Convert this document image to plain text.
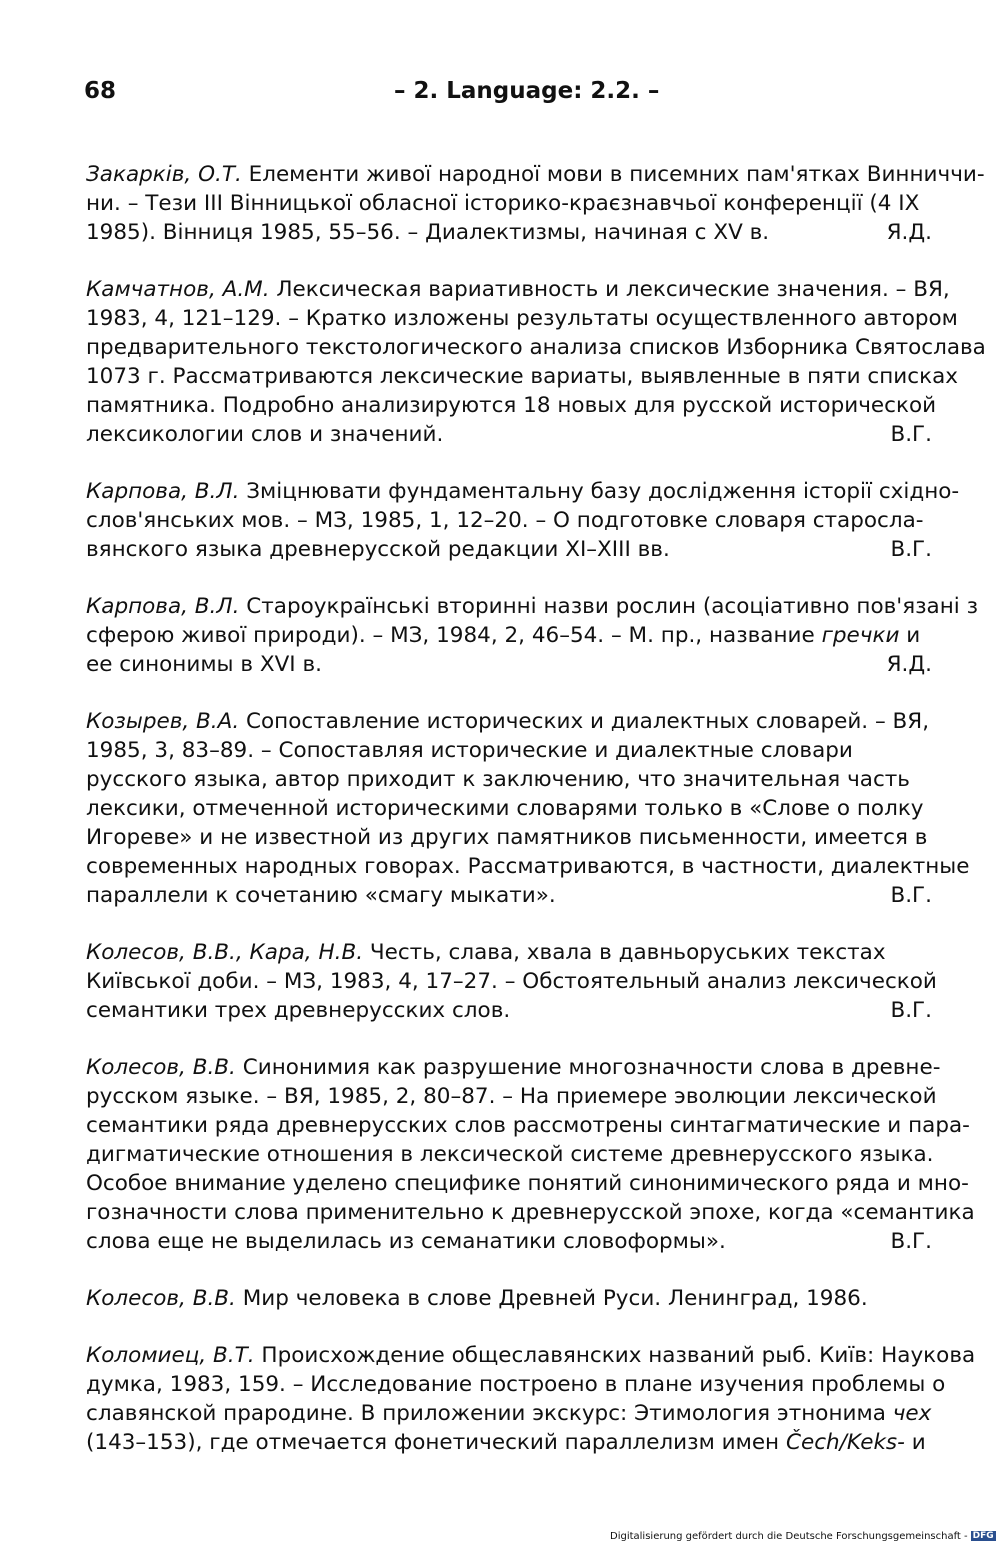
68	– 2. Language: 2.2. –
Закарків, О.Т. Елементи живої народної мови в писемних пам'ятках Винниччи-
ни. – Тези III Вінницької обласної історико-краєзнавчьої конференції (4 IX
1985). Вінниця 1985, 55–56. – Диалектизмы, начиная с XV в.	Я.Д.
Камчатнов, А.М. Лексическая вариативность и лексические значения. – ВЯ,
1983, 4, 121–129. – Кратко изложены результаты осуществленного автором
предварительного текстологического анализа списков Изборника Святослава
1073 г. Рассматриваются лексические вариаты, выявленные в пяти списках
памятника. Подробно анализируются 18 новых для русской исторической
лексикологии слов и значений.	В.Г.
Карпова, В.Л. Зміцнювати фундаментальну базу дослідження історії східно-
слов'янських мов. – МЗ, 1985, 1, 12–20. – О подготовке словаря старосла-
вянского языка древнерусской редакции XI–XIII вв.	В.Г.
Карпова, В.Л. Староукраїнські вторинні назви рослин (асоціативно пов'язані з
сферою живої природи). – МЗ, 1984, 2, 46–54. – М. пр., название гречки и
ее синонимы в XVI в.	Я.Д.
Козырев, В.А. Сопоставление исторических и диалектных словарей. – ВЯ,
1985, 3, 83–89. – Сопоставляя исторические и диалектные словари
русского языка, автор приходит к заключению, что значительная часть
лексики, отмеченной историческими словарями только в «Слове о полку
Игореве» и не известной из других памятников письменности, имеется в
современных народных говорах. Рассматриваются, в частности, диалектные
параллели к сочетанию «смагу мыкати».	В.Г.
Колесов, В.В., Кара, Н.В. Честь, слава, хвала в давньоруських текстах
Київської доби. – МЗ, 1983, 4, 17–27. – Обстоятельный анализ лексической
семантики трех древнерусских слов.	В.Г.
Колесов, В.В. Синонимия как разрушение многозначности слова в древне-
русском языке. – ВЯ, 1985, 2, 80–87. – На приемере эволюции лексической
семантики ряда древнерусских слов рассмотрены синтагматические и пара-
дигматические отношения в лексической системе древнерусского языка.
Особое внимание уделено специфике понятий синонимического ряда и мно-
гозначности слова применительно к древнерусской эпохе, когда «семантика
слова еще не выделилась из семанатики словоформы».	В.Г.
Колесов, В.В. Мир человека в слове Древней Руси. Ленинград, 1986.
Коломиец, В.Т. Происхождение общеславянских названий рыб. Київ: Наукова
думка, 1983, 159. – Исследование построено в плане изучения проблемы о
славянской прародине. В приложении экскурс: Этимология этнонима чех
(143–153), где отмечается фонетический параллелизм имен Čech/Keks- и
Digitalisierung gefördert durch die Deutsche Forschungsgemeinschaft - DFG
